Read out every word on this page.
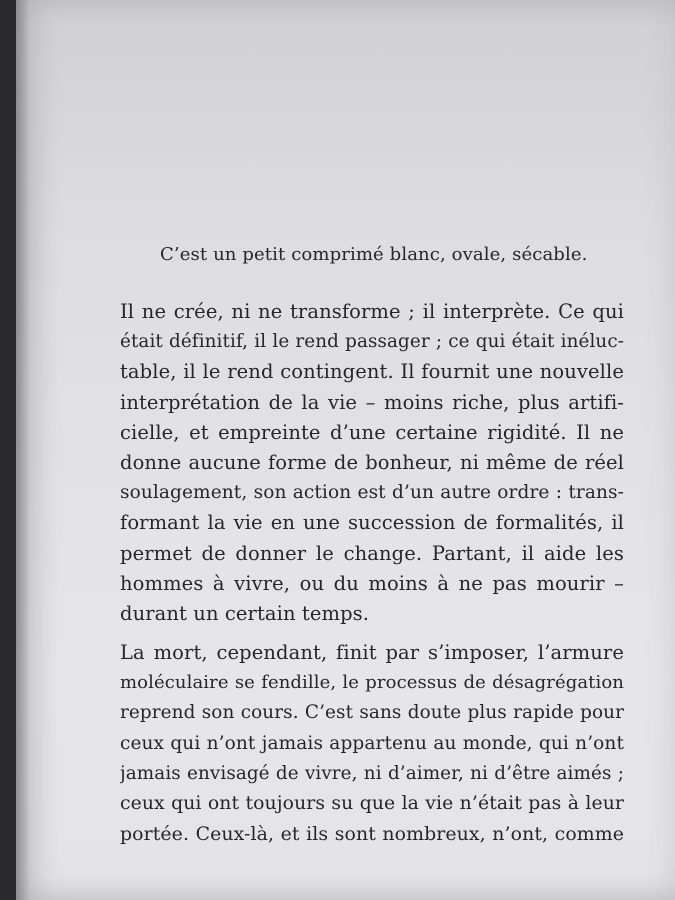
C’est un petit comprimé blanc, ovale, sécable.
Il ne crée, ni ne transforme ; il interprète. Ce qui
était définitif, il le rend passager ; ce qui était inéluc-
table, il le rend contingent. Il fournit une nouvelle
interprétation de la vie – moins riche, plus artifi-
cielle, et empreinte d’une certaine rigidité. Il ne
donne aucune forme de bonheur, ni même de réel
soulagement, son action est d’un autre ordre : trans-
formant la vie en une succession de formalités, il
permet de donner le change. Partant, il aide les
hommes à vivre, ou du moins à ne pas mourir –
durant un certain temps.
La mort, cependant, finit par s’imposer, l’armure
moléculaire se fendille, le processus de désagrégation
reprend son cours. C’est sans doute plus rapide pour
ceux qui n’ont jamais appartenu au monde, qui n’ont
jamais envisagé de vivre, ni d’aimer, ni d’être aimés ;
ceux qui ont toujours su que la vie n’était pas à leur
portée. Ceux-là, et ils sont nombreux, n’ont, comme
